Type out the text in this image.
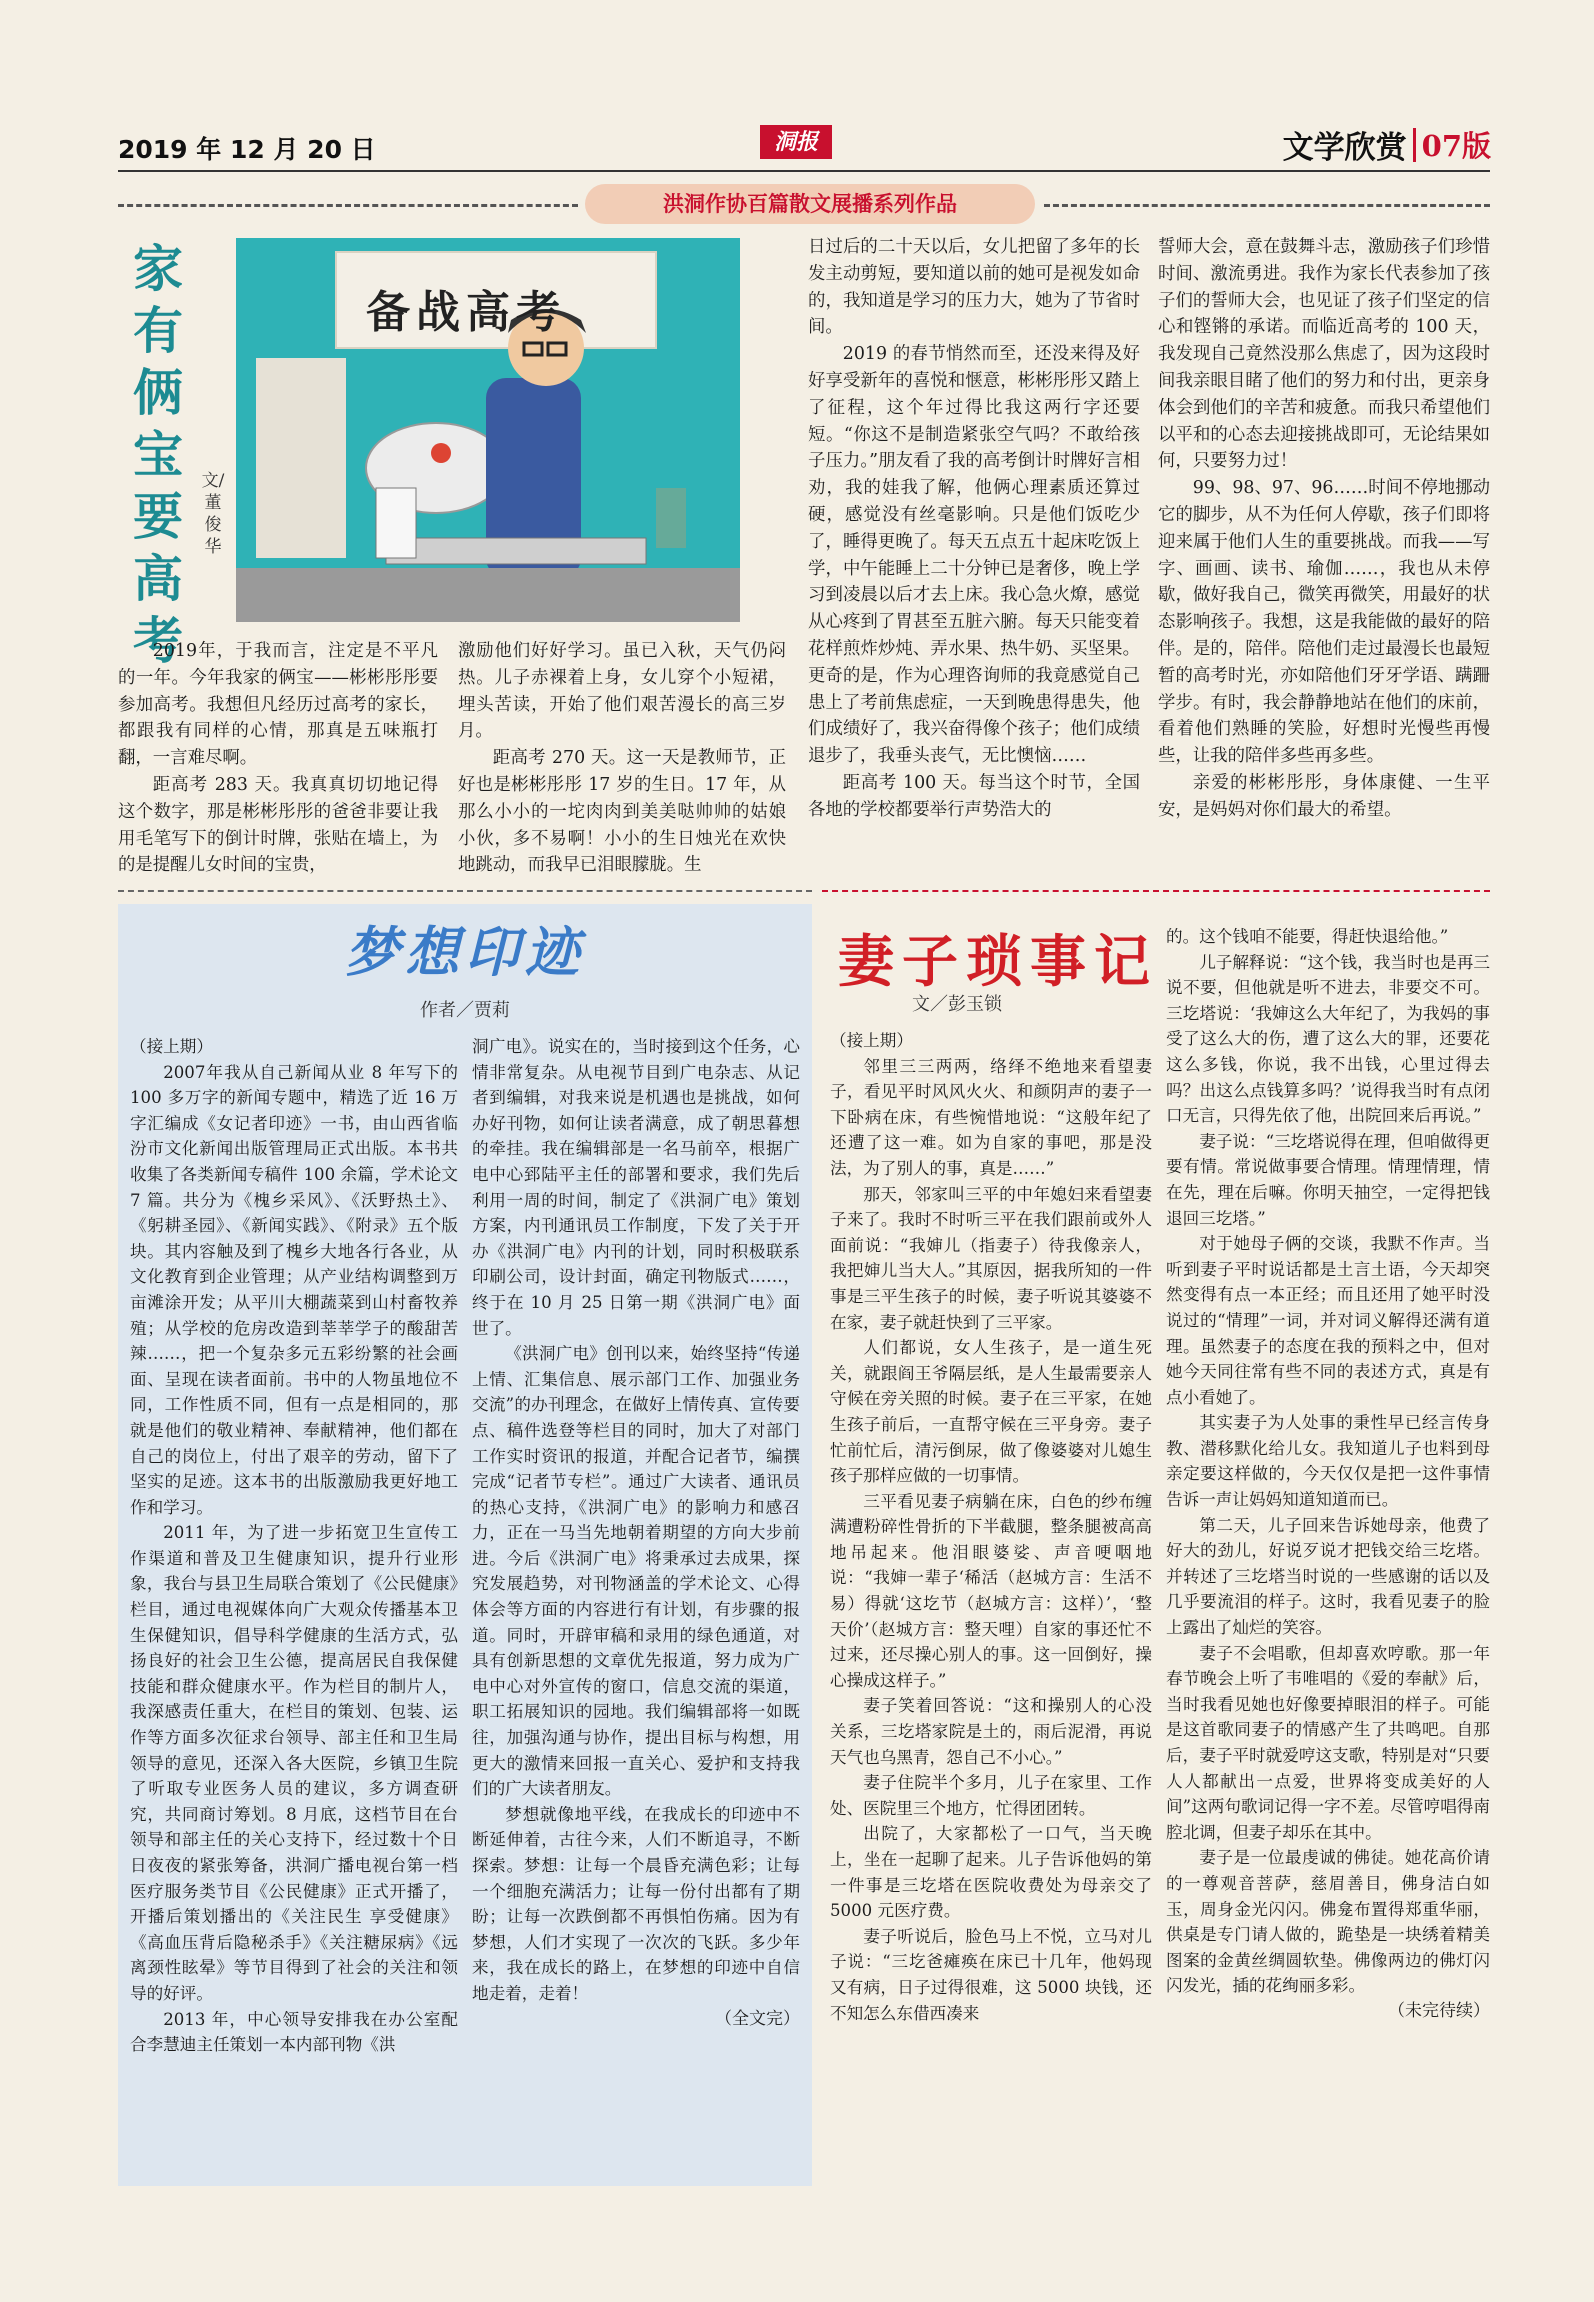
2019 年 12 月 20 日	洞报	文学欣赏 07版
洪洞作协百篇散文展播系列作品
家
有
俩
宝
要
高
考
文/董俊华
备战高考

2019年，于我而言，注定是不平凡的一年。今年我家的俩宝——彬彬彤彤要参加高考。我想但凡经历过高考的家长，都跟我有同样的心情，那真是五味瓶打翻，一言难尽啊。

距高考 283 天。我真真切切地记得这个数字，那是彬彬彤彤的爸爸非要让我用毛笔写下的倒计时牌，张贴在墙上，为的是提醒儿女时间的宝贵，

激励他们好好学习。虽已入秋，天气仍闷热。儿子赤裸着上身，女儿穿个小短裙，埋头苦读，开始了他们艰苦漫长的高三岁月。

距高考 270 天。这一天是教师节，正好也是彬彬彤彤 17 岁的生日。17 年，从那么小小的一坨肉肉到美美哒帅帅的姑娘小伙，多不易啊！小小的生日烛光在欢快地跳动，而我早已泪眼朦胧。生

日过后的二十天以后，女儿把留了多年的长发主动剪短，要知道以前的她可是视发如命的，我知道是学习的压力大，她为了节省时间。

2019 的春节悄然而至，还没来得及好好享受新年的喜悦和惬意，彬彬彤彤又踏上了征程，这个年过得比我这两行字还要短。“你这不是制造紧张空气吗？不敢给孩子压力。”朋友看了我的高考倒计时牌好言相劝，我的娃我了解，他俩心理素质还算过硬，感觉没有丝毫影响。只是他们饭吃少了，睡得更晚了。每天五点五十起床吃饭上学，中午能睡上二十分钟已是奢侈，晚上学习到凌晨以后才去上床。我心急火燎，感觉从心疼到了胃甚至五脏六腑。每天只能变着花样煎炸炒炖、弄水果、热牛奶、买坚果。更奇的是，作为心理咨询师的我竟感觉自己患上了考前焦虑症，一天到晚患得患失，他们成绩好了，我兴奋得像个孩子；他们成绩退步了，我垂头丧气，无比懊恼……

距高考 100 天。每当这个时节，全国各地的学校都要举行声势浩大的

誓师大会，意在鼓舞斗志，激励孩子们珍惜时间、激流勇进。我作为家长代表参加了孩子们的誓师大会，也见证了孩子们坚定的信心和铿锵的承诺。而临近高考的 100 天，我发现自己竟然没那么焦虑了，因为这段时间我亲眼目睹了他们的努力和付出，更亲身体会到他们的辛苦和疲惫。而我只希望他们以平和的心态去迎接挑战即可，无论结果如何，只要努力过！

99、98、97、96……时间不停地挪动它的脚步，从不为任何人停歇，孩子们即将迎来属于他们人生的重要挑战。而我——写字、画画、读书、瑜伽……，我也从未停歇，做好我自己，微笑再微笑，用最好的状态影响孩子。我想，这是我能做的最好的陪伴。是的，陪伴。陪他们走过最漫长也最短暂的高考时光，亦如陪他们牙牙学语、蹒跚学步。有时，我会静静地站在他们的床前，看着他们熟睡的笑脸，好想时光慢些再慢些，让我的陪伴多些再多些。

亲爱的彬彬彤彤，身体康健、一生平安，是妈妈对你们最大的希望。

梦想印迹
作者／贾莉

（接上期）

2007年我从自己新闻从业 8 年写下的 100 多万字的新闻专题中，精选了近 16 万字汇编成《女记者印迹》一书，由山西省临汾市文化新闻出版管理局正式出版。本书共收集了各类新闻专稿件 100 余篇，学术论文 7 篇。共分为《槐乡采风》、《沃野热土》、《躬耕圣园》、《新闻实践》、《附录》五个版块。其内容触及到了槐乡大地各行各业，从文化教育到企业管理；从产业结构调整到万亩滩涂开发；从平川大棚蔬菜到山村畜牧养殖；从学校的危房改造到莘莘学子的酸甜苦辣……，把一个复杂多元五彩纷繁的社会画面、呈现在读者面前。书中的人物虽地位不同，工作性质不同，但有一点是相同的，那就是他们的敬业精神、奉献精神，他们都在自己的岗位上，付出了艰辛的劳动，留下了坚实的足迹。这本书的出版激励我更好地工作和学习。

2011 年，为了进一步拓宽卫生宣传工作渠道和普及卫生健康知识，提升行业形象，我台与县卫生局联合策划了《公民健康》栏目，通过电视媒体向广大观众传播基本卫生保健知识，倡导科学健康的生活方式，弘扬良好的社会卫生公德，提高居民自我保健技能和群众健康水平。作为栏目的制片人，我深感责任重大，在栏目的策划、包装、运作等方面多次征求台领导、部主任和卫生局领导的意见，还深入各大医院，乡镇卫生院了听取专业医务人员的建议，多方调查研究，共同商讨筹划。8 月底，这档节目在台领导和部主任的关心支持下，经过数十个日日夜夜的紧张筹备，洪洞广播电视台第一档医疗服务类节目《公民健康》正式开播了，开播后策划播出的《关注民生 享受健康》《高血压背后隐秘杀手》《关注糖尿病》《远离颈性眩晕》等节目得到了社会的关注和领导的好评。

2013 年，中心领导安排我在办公室配合李慧迪主任策划一本内部刊物《洪

洞广电》。说实在的，当时接到这个任务，心情非常复杂。从电视节目到广电杂志、从记者到编辑，对我来说是机遇也是挑战，如何办好刊物，如何让读者满意，成了朝思暮想的牵挂。我在编辑部是一名马前卒，根据广电中心郅陆平主任的部署和要求，我们先后利用一周的时间，制定了《洪洞广电》策划方案，内刊通讯员工作制度，下发了关于开办《洪洞广电》内刊的计划，同时积极联系印刷公司，设计封面，确定刊物版式……，终于在 10 月 25 日第一期《洪洞广电》面世了。

《洪洞广电》创刊以来，始终坚持“传递上情、汇集信息、展示部门工作、加强业务交流”的办刊理念，在做好上情传真、宣传要点、稿件选登等栏目的同时，加大了对部门工作实时资讯的报道，并配合记者节，编撰完成“记者节专栏”。通过广大读者、通讯员的热心支持，《洪洞广电》的影响力和感召力，正在一马当先地朝着期望的方向大步前进。今后《洪洞广电》将秉承过去成果，探究发展趋势，对刊物涵盖的学术论文、心得体会等方面的内容进行有计划，有步骤的报道。同时，开辟审稿和录用的绿色通道，对具有创新思想的文章优先报道，努力成为广电中心对外宣传的窗口，信息交流的渠道，职工拓展知识的园地。我们编辑部将一如既往，加强沟通与协作，提出目标与构想，用更大的激情来回报一直关心、爱护和支持我们的广大读者朋友。

梦想就像地平线，在我成长的印迹中不断延伸着，古往今来，人们不断追寻，不断探索。梦想：让每一个晨昏充满色彩；让每一个细胞充满活力；让每一份付出都有了期盼；让每一次跌倒都不再惧怕伤痛。因为有梦想，人们才实现了一次次的飞跃。多少年来，我在成长的路上，在梦想的印迹中自信地走着，走着！

（全文完）

妻子琐事记
文／彭玉锁

（接上期）

邻里三三两两，络绎不绝地来看望妻子，看见平时风风火火、和颜阴声的妻子一下卧病在床，有些惋惜地说：“这般年纪了还遭了这一难。如为自家的事吧，那是没法，为了别人的事，真是……”

那天，邻家叫三平的中年媳妇来看望妻子来了。我时不时听三平在我们跟前或外人面前说：“我婶儿（指妻子）待我像亲人，我把婶儿当大人。”其原因，据我所知的一件事是三平生孩子的时候，妻子听说其婆婆不在家，妻子就赶快到了三平家。

人们都说，女人生孩子，是一道生死关，就跟阎王爷隔层纸，是人生最需要亲人守候在旁关照的时候。妻子在三平家，在她生孩子前后，一直帮守候在三平身旁。妻子忙前忙后，清污倒尿，做了像婆婆对儿媳生孩子那样应做的一切事情。

三平看见妻子病躺在床，白色的纱布缠满遭粉碎性骨折的下半截腿，整条腿被高高地吊起来。他泪眼婆娑、声音哽咽地说：“我婶一辈子‘稀活（赵城方言：生活不易）得就‘这圪节（赵城方言：这样）’，‘整天价’（赵城方言：整天哩）自家的事还忙不过来，还尽操心别人的事。这一回倒好，操心操成这样子。”

妻子笑着回答说：“这和操别人的心没关系，三圪塔家院是土的，雨后泥滑，再说天气也乌黑青，怨自己不小心。”

妻子住院半个多月，儿子在家里、工作处、医院里三个地方，忙得团团转。

出院了，大家都松了一口气，当天晚上，坐在一起聊了起来。儿子告诉他妈的第一件事是三圪塔在医院收费处为母亲交了 5000 元医疗费。

妻子听说后，脸色马上不悦，立马对儿子说：“三圪爸瘫痪在床已十几年，他妈现又有病，日子过得很难，这 5000 块钱，还不知怎么东借西凑来

的。这个钱咱不能要，得赶快退给他。”

儿子解释说：“这个钱，我当时也是再三说不要，但他就是听不进去，非要交不可。三圪塔说：‘我婶这么大年纪了，为我妈的事受了这么大的伤，遭了这么大的罪，还要花这么多钱，你说，我不出钱，心里过得去吗？出这么点钱算多吗？’说得我当时有点闭口无言，只得先依了他，出院回来后再说。”

妻子说：“三圪塔说得在理，但咱做得更要有情。常说做事要合情理。情理情理，情在先，理在后嘛。你明天抽空，一定得把钱退回三圪塔。”

对于她母子俩的交谈，我默不作声。当听到妻子平时说话都是土言土语，今天却突然变得有点一本正经；而且还用了她平时没说过的“情理”一词，并对词义解得还满有道理。虽然妻子的态度在我的预料之中，但对她今天同往常有些不同的表述方式，真是有点小看她了。

其实妻子为人处事的秉性早已经言传身教、潜移默化给儿女。我知道儿子也料到母亲定要这样做的，今天仅仅是把一这件事情告诉一声让妈妈知道知道而已。

第二天，儿子回来告诉她母亲，他费了好大的劲儿，好说歹说才把钱交给三圪塔。并转述了三圪塔当时说的一些感谢的话以及几乎要流泪的样子。这时，我看见妻子的脸上露出了灿烂的笑容。

妻子不会唱歌，但却喜欢哼歌。那一年春节晚会上听了韦唯唱的《爱的奉献》后，当时我看见她也好像要掉眼泪的样子。可能是这首歌同妻子的情感产生了共鸣吧。自那后，妻子平时就爱哼这支歌，特别是对“只要人人都献出一点爱，世界将变成美好的人间”这两句歌词记得一字不差。尽管哼唱得南腔北调，但妻子却乐在其中。

妻子是一位最虔诚的佛徒。她花高价请的一尊观音菩萨，慈眉善目，佛身洁白如玉，周身金光闪闪。佛龛布置得郑重华丽，供桌是专门请人做的，跪垫是一块绣着精美图案的金黄丝绸圆软垫。佛像两边的佛灯闪闪发光，插的花绚丽多彩。

（未完待续）
